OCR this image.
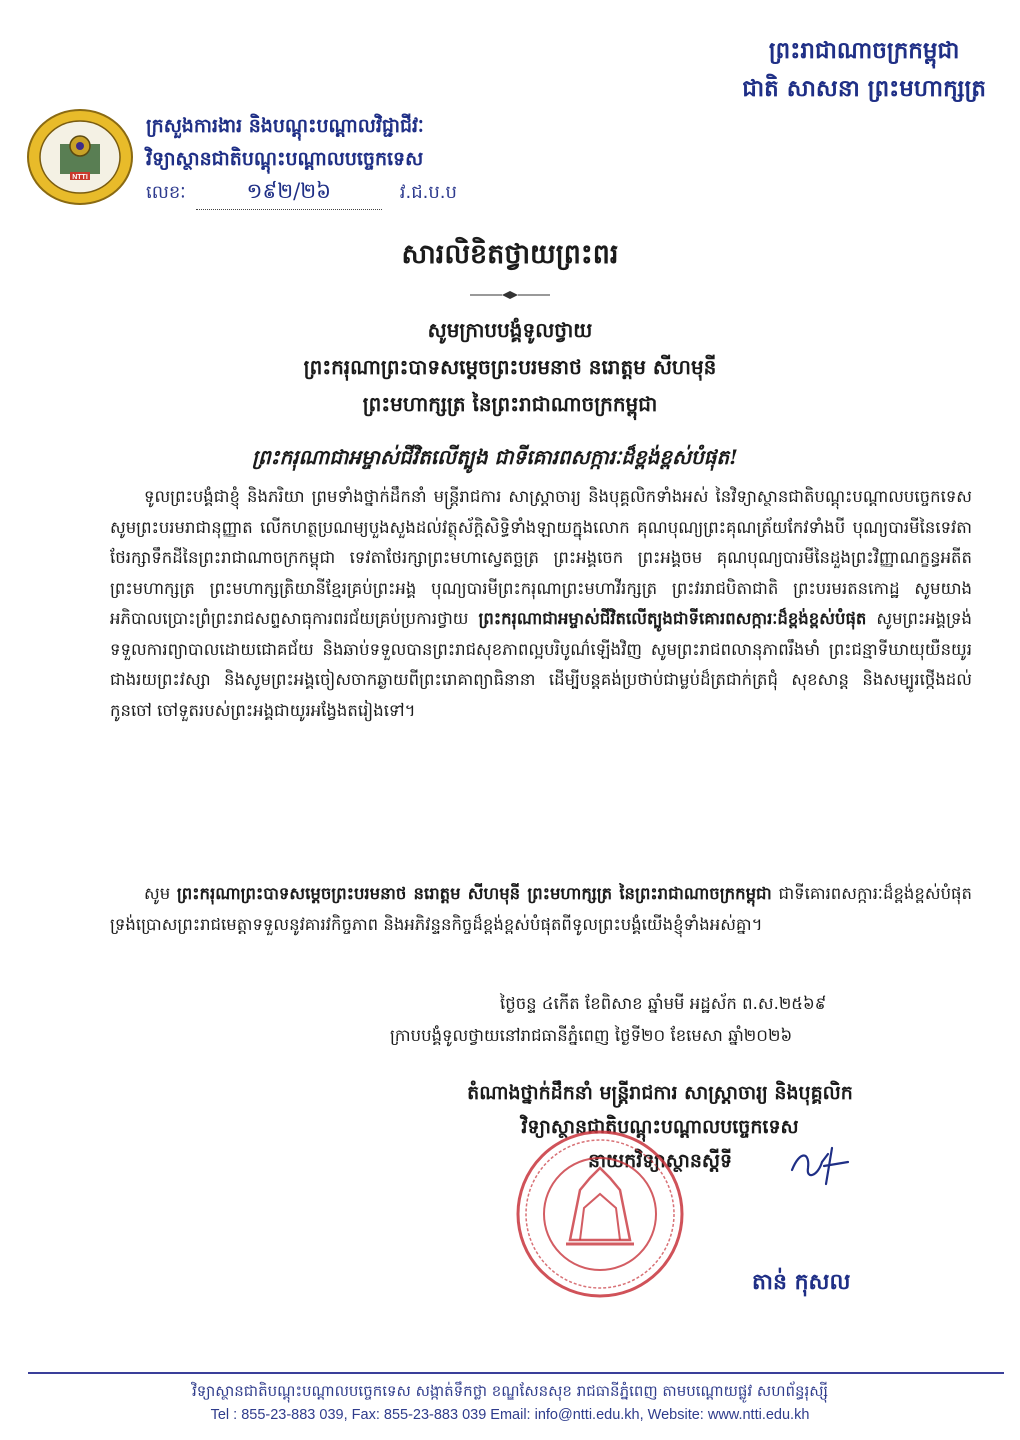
ព្រះរាជាណាចក្រកម្ពុជា
ជាតិ សាសនា ព្រះមហាក្សត្រ
NTTI
ក្រសួងការងារ និងបណ្តុះបណ្តាលវិជ្ជាជីវៈ
វិទ្យាស្ថានជាតិបណ្តុះបណ្តាលបច្ចេកទេស
លេខៈ	១៩២/២៦	វ.ជ.ប.ប
សារលិខិតថ្វាយព្រះពរ
សូមក្រាបបង្គំទូលថ្វាយ
ព្រះករុណាព្រះបាទសម្តេចព្រះបរមនាថ នរោត្តម សីហមុនី
ព្រះមហាក្សត្រ នៃព្រះរាជាណាចក្រកម្ពុជា
ព្រះករុណាជាអម្ចាស់ជីវិតលើត្បូង ជាទីគោរពសក្ការៈដ៏ខ្ពង់ខ្ពស់បំផុត!

ទូលព្រះបង្គំជាខ្ញុំ និងភរិយា ព្រមទាំងថ្នាក់ដឹកនាំ មន្ត្រីរាជការ សាស្ត្រាចារ្យ និងបុគ្គលិកទាំងអស់ នៃវិទ្យាស្ថានជាតិបណ្តុះបណ្តាលបច្ចេកទេស សូមព្រះបរមរាជានុញ្ញាត លើកហត្ថប្រណម្យបួងសួងដល់វត្ថុស័ក្តិសិទ្ធិទាំងឡាយក្នុងលោក គុណបុណ្យព្រះគុណត្រ័យកែវទាំងបី បុណ្យបារមីនៃទេវតាថែរក្សាទឹកដីនៃព្រះរាជាណាចក្រកម្ពុជា ទេវតាថែរក្សាព្រះមហាស្វេតច្ឆត្រ ព្រះអង្គចេក ព្រះអង្គចម គុណបុណ្យបារមីនៃដួងព្រះវិញ្ញាណក្ខន្ធអតីតព្រះមហាក្សត្រ ព្រះមហាក្សត្រិយានីខ្មែរគ្រប់ព្រះអង្គ បុណ្យបារមីព្រះករុណាព្រះមហាវីរក្សត្រ ព្រះវររាជបិតាជាតិ ព្រះបរមរតនកោដ្ឋ សូមយាងអភិបាលប្រោះព្រំព្រះរាជសព្ទសាធុការពរជ័យគ្រប់ប្រការថ្វាយ ព្រះករុណាជាអម្ចាស់ជីវិតលើត្បូងជាទីគោរពសក្ការៈដ៏ខ្ពង់ខ្ពស់បំផុត សូមព្រះអង្គទ្រង់ទទួលការព្យាបាលដោយជោគជ័យ និងឆាប់ទទួលបានព្រះរាជសុខភាពល្អបរិបូណ៌ឡើងវិញ សូមព្រះរាជពលានុភាពរឹងមាំ ព្រះជន្មាទីឃាយុយឺនយូរជាងរយព្រះវស្សា និងសូមព្រះអង្គចៀសចាកឆ្ងាយពីព្រះរោគាព្យាធិនានា ដើម្បីបន្តគង់ប្រថាប់ជាម្លប់ដ៏ត្រជាក់ត្រជុំ សុខសាន្ត និងសម្បូរថ្កើងដល់កូនចៅ ចៅទួតរបស់ព្រះអង្គជាយូរអង្វែងតរៀងទៅ។

សូម ព្រះករុណាព្រះបាទសម្តេចព្រះបរមនាថ នរោត្តម សីហមុនី ព្រះមហាក្សត្រ នៃព្រះរាជាណាចក្រកម្ពុជា ជាទីគោរពសក្ការៈដ៏ខ្ពង់ខ្ពស់បំផុត ទ្រង់ប្រោសព្រះរាជមេត្តាទទួលនូវគារវកិច្ចភាព និងអភិវន្ទនកិច្ចដ៏ខ្ពង់ខ្ពស់បំផុតពីទូលព្រះបង្គំយើងខ្ញុំទាំងអស់គ្នា។

ថ្ងៃចន្ទ ៤កើត ខែពិសាខ ឆ្នាំមមី អដ្ឋស័ក ព.ស.២៥៦៩
ក្រាបបង្គំទូលថ្វាយនៅរាជធានីភ្នំពេញ ថ្ងៃទី២០ ខែមេសា ឆ្នាំ២០២៦
តំណាងថ្នាក់ដឹកនាំ មន្ត្រីរាជការ សាស្ត្រាចារ្យ និងបុគ្គលិក
វិទ្យាស្ថានជាតិបណ្តុះបណ្តាលបច្ចេកទេស
នាយកវិទ្យាស្ថានស្តីទី
តាន់ កុសល
វិទ្យាស្ថានជាតិបណ្តុះបណ្តាលបច្ចេកទេស សង្កាត់ទឹកថ្លា ខណ្ឌសែនសុខ រាជធានីភ្នំពេញ តាមបណ្តោយផ្លូវ សហព័ន្ធរុស្ស៊ី
Tel : 855-23-883 039, Fax: 855-23-883 039 Email: info@ntti.edu.kh, Website: www.ntti.edu.kh
